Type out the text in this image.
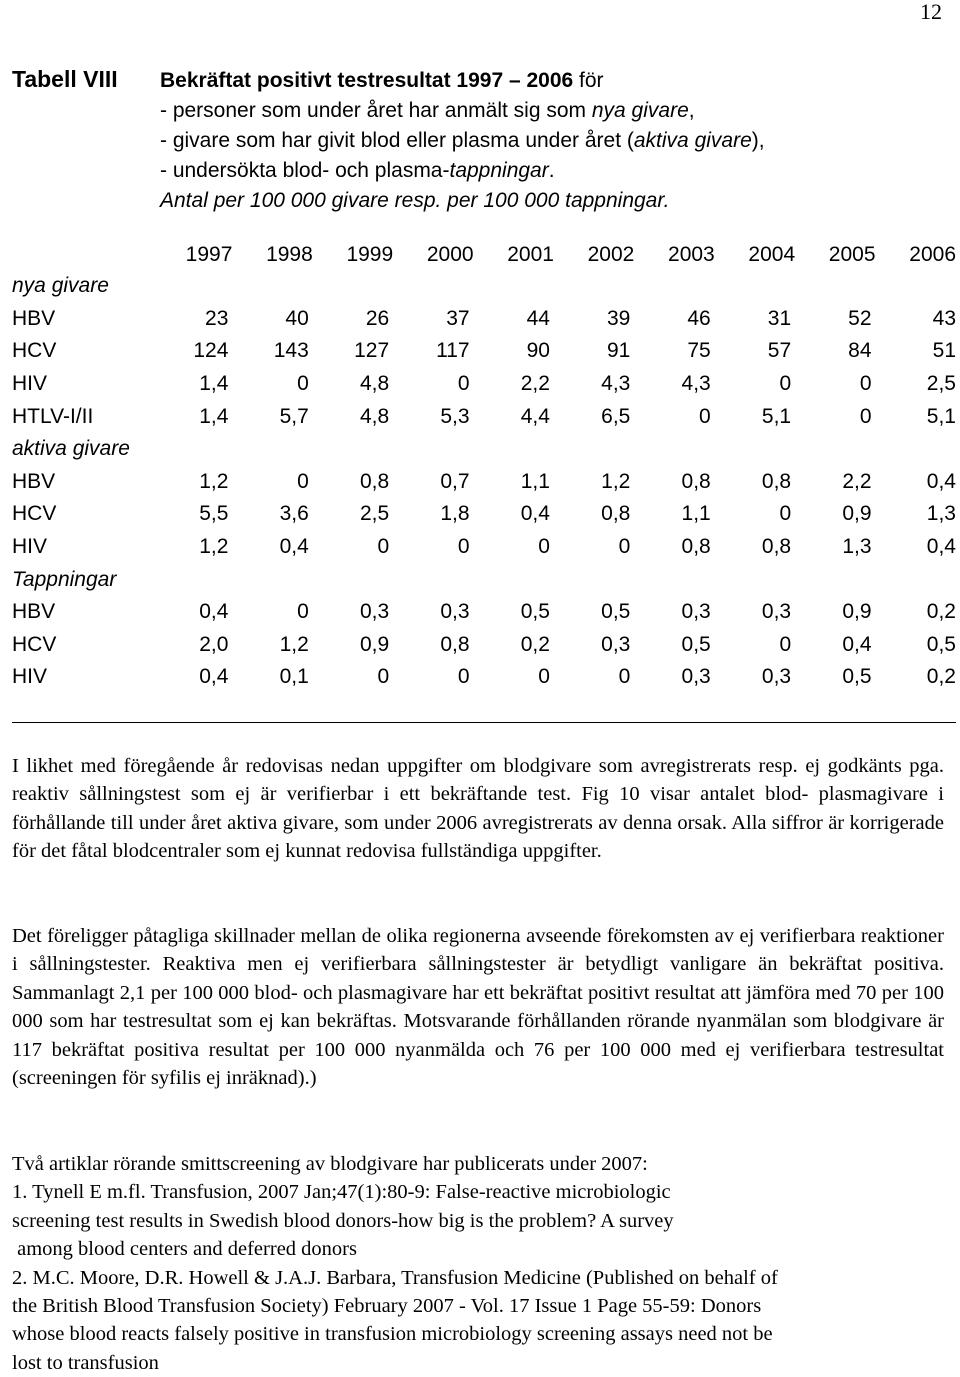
12
Tabell VIII Bekräftat positivt testresultat 1997 – 2006 för
- personer som under året har anmält sig som nya givare,
- givare som har givit blod eller plasma under året (aktiva givare),
- undersökta blod- och plasma-tappningar.
Antal per 100 000 givare resp. per 100 000 tappningar.
	1997	1998	1999	2000	2001	2002	2003	2004	2005	2006
nya givare										
HBV	23	40	26	37	44	39	46	31	52	43
HCV	124	143	127	117	90	91	75	57	84	51
HIV	1,4	0	4,8	0	2,2	4,3	4,3	0	0	2,5
HTLV-I/II	1,4	5,7	4,8	5,3	4,4	6,5	0	5,1	0	5,1
aktiva givare										
HBV	1,2	0	0,8	0,7	1,1	1,2	0,8	0,8	2,2	0,4
HCV	5,5	3,6	2,5	1,8	0,4	0,8	1,1	0	0,9	1,3
HIV	1,2	0,4	0	0	0	0	0,8	0,8	1,3	0,4
Tappningar										
HBV	0,4	0	0,3	0,3	0,5	0,5	0,3	0,3	0,9	0,2
HCV	2,0	1,2	0,9	0,8	0,2	0,3	0,5	0	0,4	0,5
HIV	0,4	0,1	0	0	0	0	0,3	0,3	0,5	0,2
I likhet med föregående år redovisas nedan uppgifter om blodgivare som avregistrerats resp. ej godkänts pga. reaktiv sållningstest som ej är verifierbar i ett bekräftande test. Fig 10 visar antalet blod- plasmagivare i förhållande till under året aktiva givare, som under 2006 avregistrerats av denna orsak. Alla siffror är korrigerade för det fåtal blodcentraler som ej kunnat redovisa fullständiga uppgifter.
Det föreligger påtagliga skillnader mellan de olika regionerna avseende förekomsten av ej verifierbara reaktioner i sållningstester. Reaktiva men ej verifierbara sållningstester är betydligt vanligare än bekräftat positiva. Sammanlagt 2,1 per 100 000 blod- och plasmagivare har ett bekräftat positivt resultat att jämföra med 70 per 100 000 som har testresultat som ej kan bekräftas. Motsvarande förhållanden rörande nyanmälan som blodgivare är 117 bekräftat positiva resultat per 100 000 nyanmälda och 76 per 100 000 med ej verifierbara testresultat (screeningen för syfilis ej inräknad).)
Två artiklar rörande smittscreening av blodgivare har publicerats under 2007:
1. Tynell E m.fl. Transfusion, 2007 Jan;47(1):80-9: False-reactive microbiologic
screening test results in Swedish blood donors-how big is the problem? A survey
among blood centers and deferred donors
2. M.C. Moore, D.R. Howell & J.A.J. Barbara, Transfusion Medicine (Published on behalf of
the British Blood Transfusion Society) February 2007 - Vol. 17 Issue 1 Page 55-59: Donors
whose blood reacts falsely positive in transfusion microbiology screening assays need not be
lost to transfusion
